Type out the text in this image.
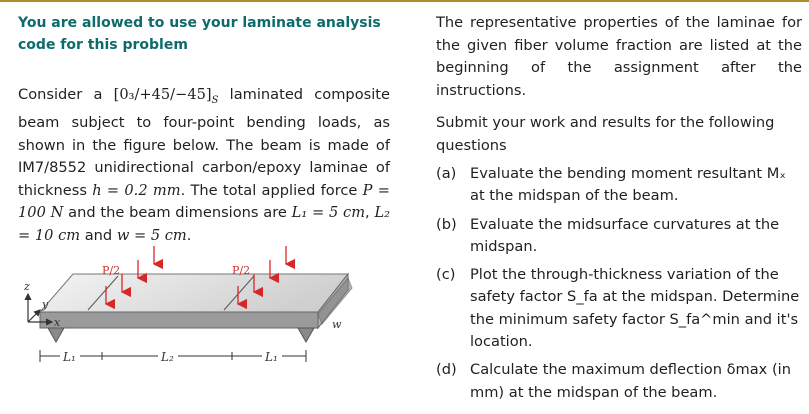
You are allowed to use your laminate analysis code for this problem

Consider a $[0_3/+45/-45]_S$ laminated composite beam subject to four-point bending loads, as shown in the figure below. The beam is made of IM7/8552 unidirectional carbon/epoxy laminae of thickness h = 0.2 mm. The total applied force P = 100 N and the beam dimensions are L₁ = 5 cm, L₂ = 10 cm and w = 5 cm.

P/2	P/2
z
y
x	w
L₁	L₂	L₁

The representative properties of the laminae for the given fiber volume fraction are listed at the beginning of the assignment after the instructions.

Submit your work and results for the following questions

(a) Evaluate the bending moment resultant Mₓ at the midspan of the beam.
(b) Evaluate the midsurface curvatures at the midspan.
(c) Plot the through-thickness variation of the safety factor S_fa at the midspan. Determine the minimum safety factor S_fa^min and it's location.
(d) Calculate the maximum deflection δmax (in mm) at the midspan of the beam.
